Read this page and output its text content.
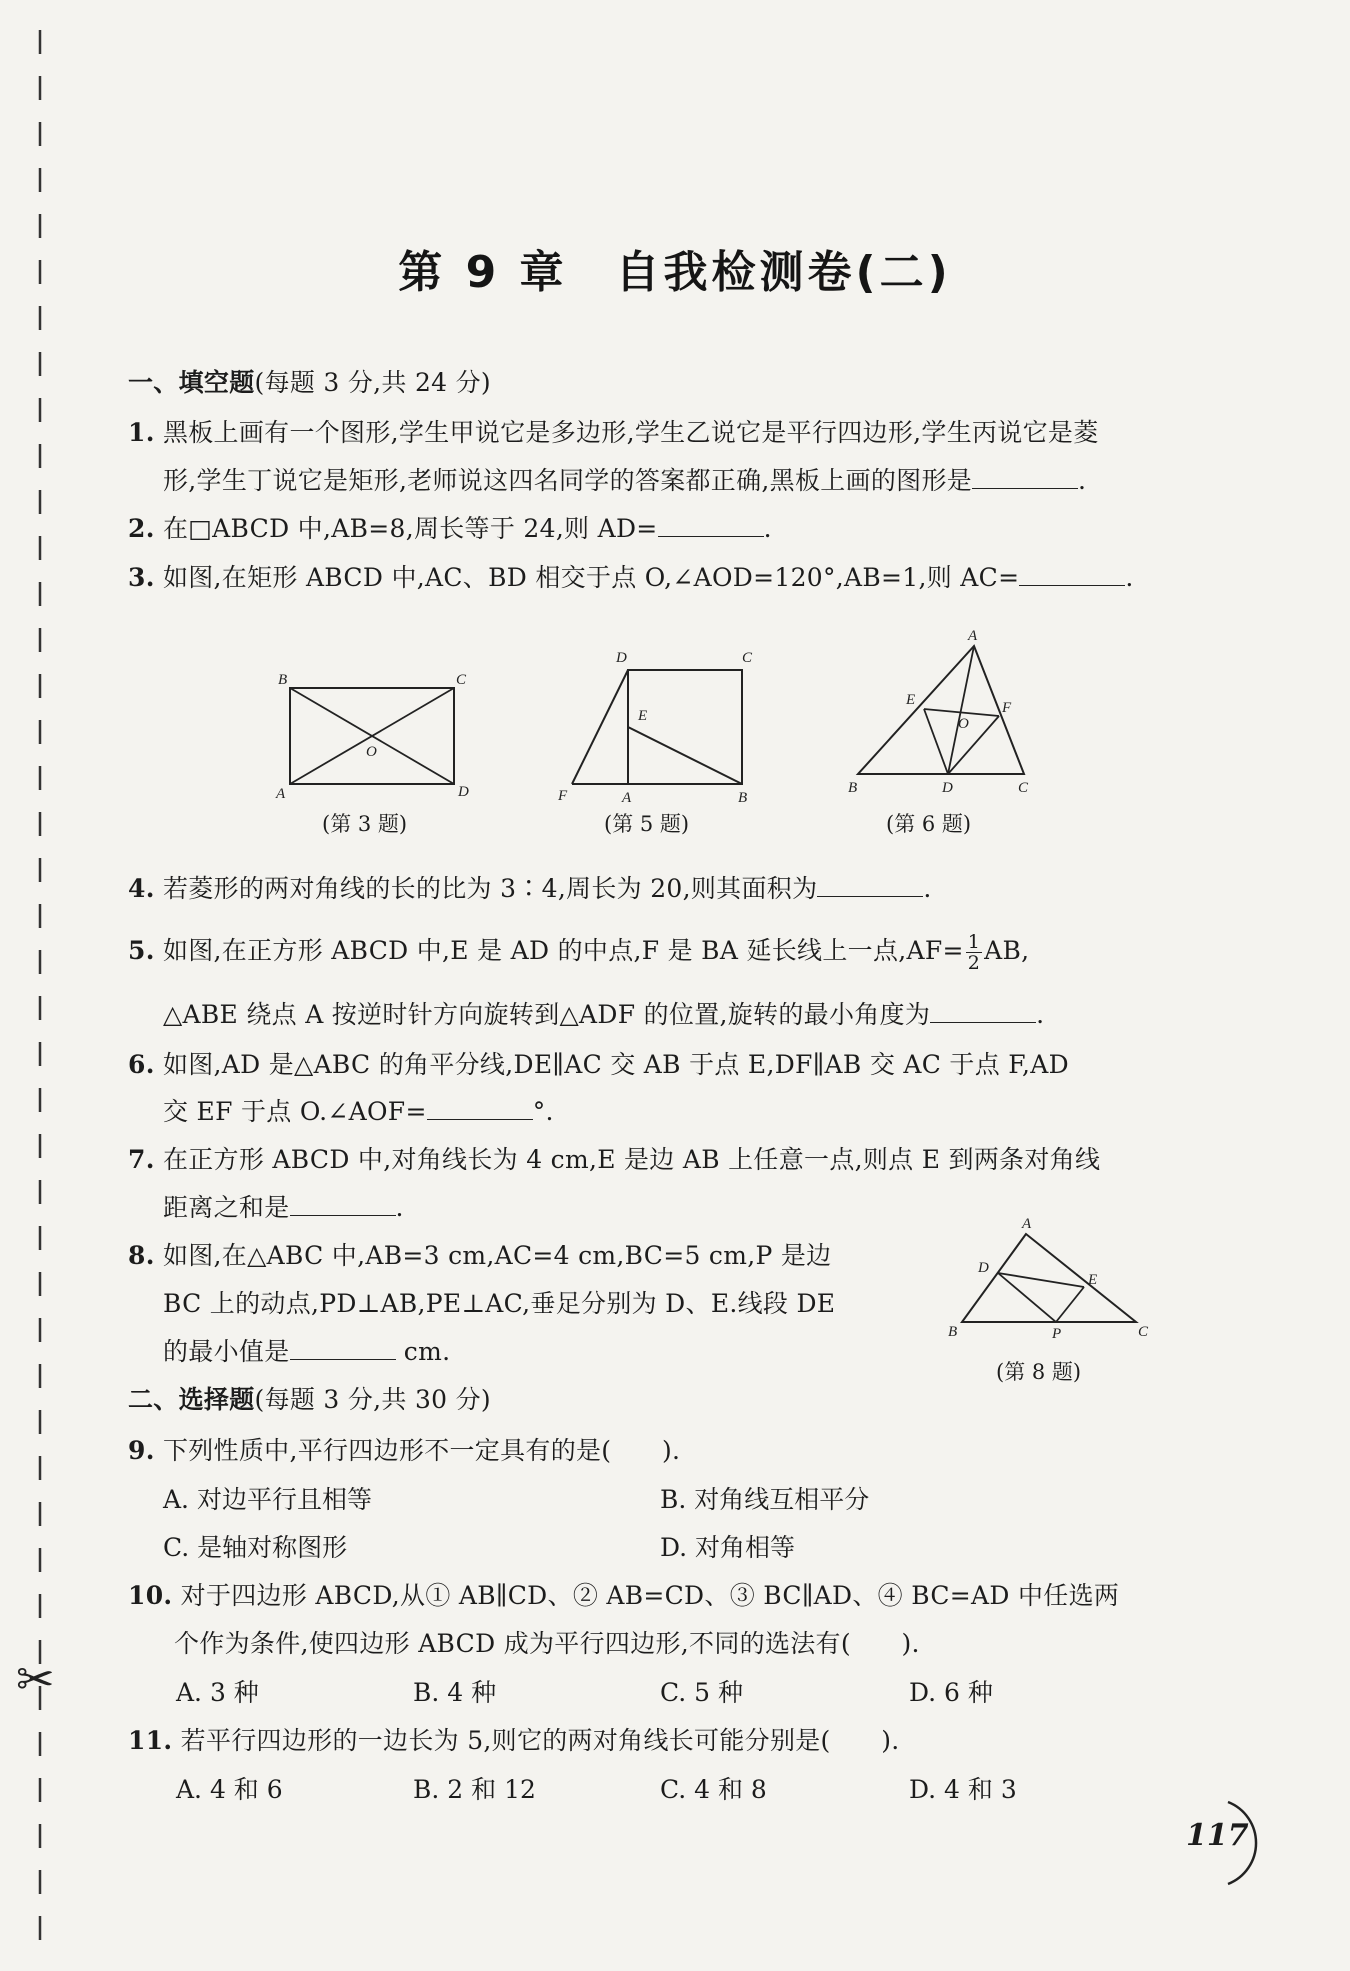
✂
第 9 章 自我检测卷(二)
一、填空题(每题 3 分,共 24 分)
1. 黑板上画有一个图形,学生甲说它是多边形,学生乙说它是平行四边形,学生丙说它是菱
形,学生丁说它是矩形,老师说这四名同学的答案都正确,黑板上画的图形是	.
2. 在□ABCD 中,AB=8,周长等于 24,则 AD=	.
3. 如图,在矩形 ABCD 中,AC、BD 相交于点 O,∠AOD=120°,AB=1,则 AC=	.
B	C
A	D
O
(第 3 题)
D	C
E
F	A	B
(第 5 题)
A
E	F
O
B	D	C
(第 6 题)
4. 若菱形的两对角线的长的比为 3∶4,周长为 20,则其面积为	.
5. 如图,在正方形 ABCD 中,E 是 AD 的中点,F 是 BA 延长线上一点$,AF= \frac{1}{2}$ AB,
△ABE 绕点 A 按逆时针方向旋转到△ADF 的位置,旋转的最小角度为	.
6. 如图,AD 是△ABC 的角平分线,DE∥AC 交 AB 于点 E,DF∥AB 交 AC 于点 F,AD
交 EF 于点 O.∠AOF=	°.
7. 在正方形 ABCD 中,对角线长为 4 cm,E 是边 AB 上任意一点,则点 E 到两条对角线
距离之和是	.
8. 如图,在△ABC 中,AB=3 cm,AC=4 cm,BC=5 cm,P 是边
BC 上的动点,PD⊥AB,PE⊥AC,垂足分别为 D、E.线段 DE
的最小值是	cm.
A
D
E
B	P	C
(第 8 题)
二、选择题(每题 3 分,共 30 分)
9. 下列性质中,平行四边形不一定具有的是(　　).
A. 对边平行且相等	B. 对角线互相平分
C. 是轴对称图形	D. 对角相等
10. 对于四边形 ABCD,从① AB∥CD、② AB=CD、③ BC∥AD、④ BC=AD 中任选两
个作为条件,使四边形 ABCD 成为平行四边形,不同的选法有(　　).
A. 3 种	B. 4 种	C. 5 种	D. 6 种
11. 若平行四边形的一边长为 5,则它的两对角线长可能分别是(　　).
A. 4 和 6	B. 2 和 12	C. 4 和 8	D. 4 和 3
117
